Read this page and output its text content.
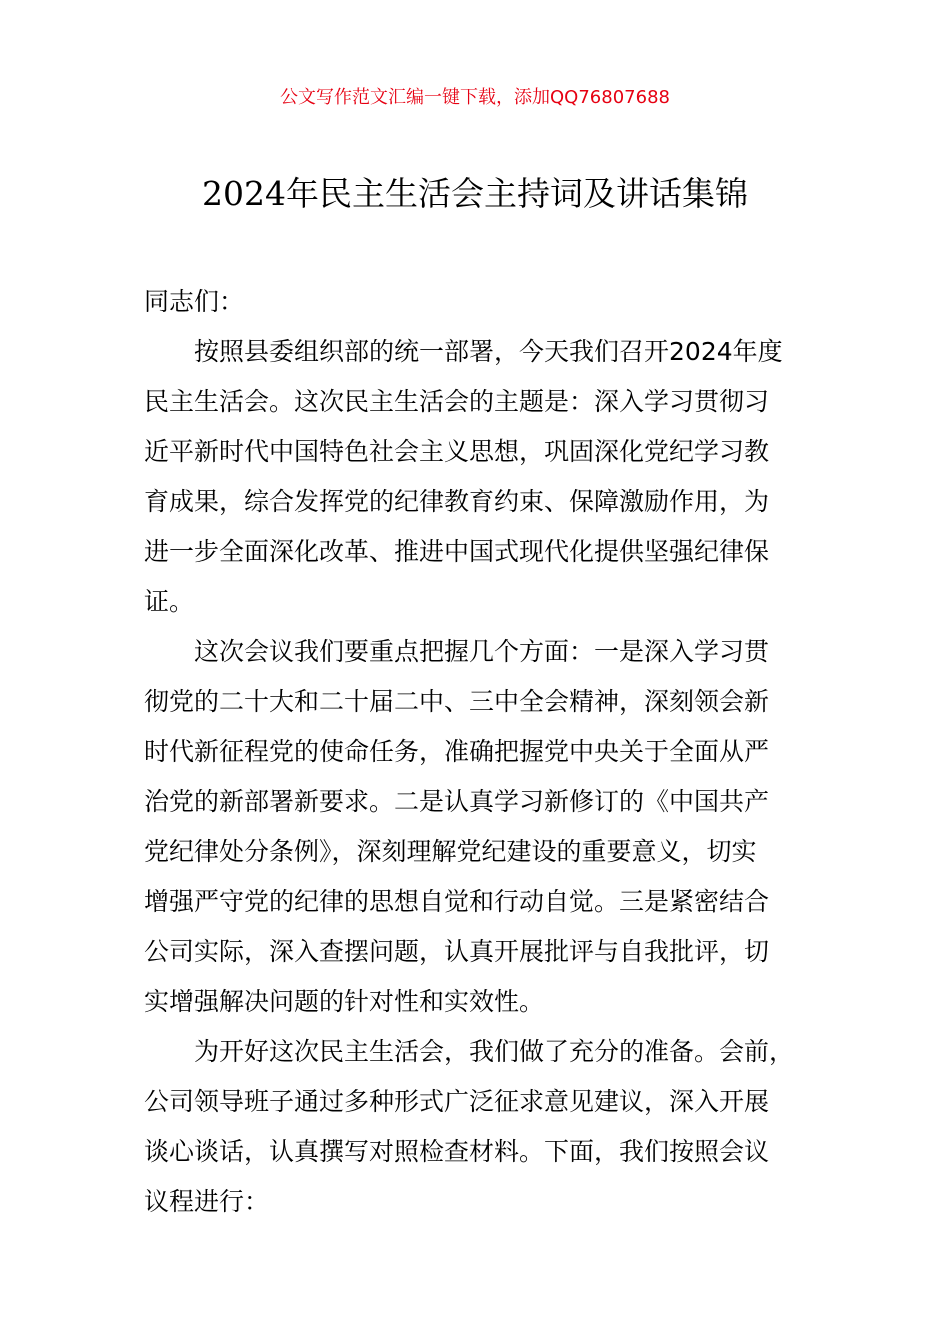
公文写作范文汇编一键下载，添加QQ76807688
2024年民主生活会主持词及讲话集锦
同志们：
按照县委组织部的统一部署，今天我们召开2024年度
民主生活会。这次民主生活会的主题是：深入学习贯彻习
近平新时代中国特色社会主义思想，巩固深化党纪学习教
育成果，综合发挥党的纪律教育约束、保障激励作用，为
进一步全面深化改革、推进中国式现代化提供坚强纪律保
证。
这次会议我们要重点把握几个方面：一是深入学习贯
彻党的二十大和二十届二中、三中全会精神，深刻领会新
时代新征程党的使命任务，准确把握党中央关于全面从严
治党的新部署新要求。二是认真学习新修订的《中国共产
党纪律处分条例》，深刻理解党纪建设的重要意义，切实
增强严守党的纪律的思想自觉和行动自觉。三是紧密结合
公司实际，深入查摆问题，认真开展批评与自我批评，切
实增强解决问题的针对性和实效性。
为开好这次民主生活会，我们做了充分的准备。会前，
公司领导班子通过多种形式广泛征求意见建议，深入开展
谈心谈话，认真撰写对照检查材料。下面，我们按照会议
议程进行：
